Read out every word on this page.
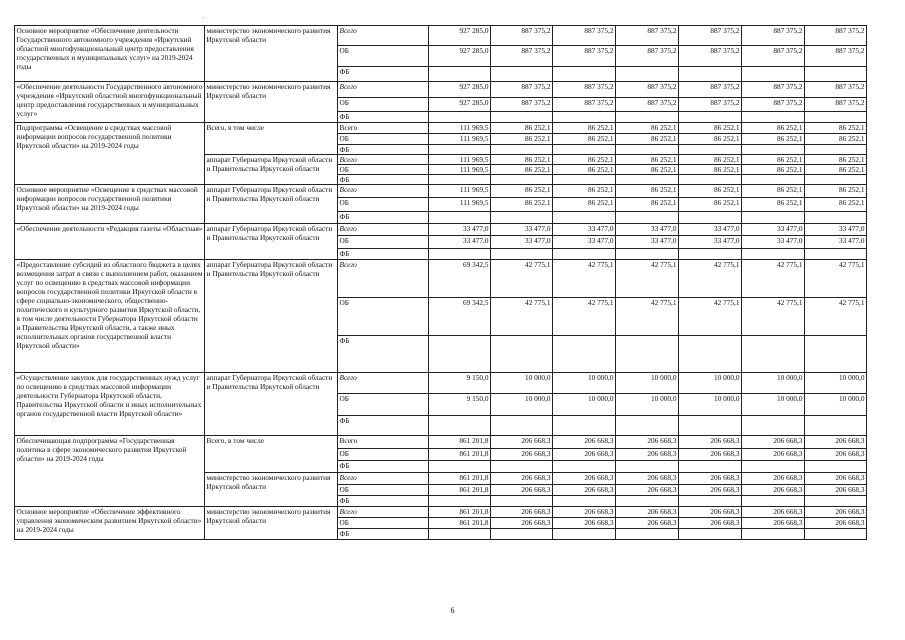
'
Основное мероприятие «Обеспечение деятельности Государственного автономного учреждения «Иркутский областной многофункциональный центр предоставления государственных и муниципальных услуг» на 2019-2024 годы	министерство экономического развития Иркутской области	Всего	927 285,0	887 375,2	887 375,2	887 375,2	887 375,2	887 375,2	887 375,2
		ОБ	927 285,0	887 375,2	887 375,2	887 375,2	887 375,2	887 375,2	887 375,2
		ФБ							
«Обеспечение деятельности Государственного автономного учреждения «Иркутский областной многофункциональный центр предоставления государственных и муниципальных услуг»	министерство экономического развития Иркутской области	Всего	927 285,0	887 375,2	887 375,2	887 375,2	887 375,2	887 375,2	887 375,2
		ОБ	927 285,0	887 375,2	887 375,2	887 375,2	887 375,2	887 375,2	887 375,2
		ФБ							
Подпрограмма «Освещение в средствах массовой информации вопросов государственной политики Иркутской области» на 2019-2024 годы	Всего, в том числе	Всего	111 969,5	86 252,1	86 252,1	86 252,1	86 252,1	86 252,1	86 252,1
		ОБ	111 969,5	86 252,1	86 252,1	86 252,1	86 252,1	86 252,1	86 252,1
		ФБ							
	аппарат Губернатора Иркутской области и Правительства Иркутской области	Всего	111 969,5	86 252,1	86 252,1	86 252,1	86 252,1	86 252,1	86 252,1
		ОБ	111 969,5	86 252,1	86 252,1	86 252,1	86 252,1	86 252,1	86 252,1
		ФБ							
Основное мероприятие «Освещение в средствах массовой информации вопросов государственной политики Иркутской области» на 2019-2024 годы	аппарат Губернатора Иркутской области и Правительства Иркутской области	Всего	111 969,5	86 252,1	86 252,1	86 252,1	86 252,1	86 252,1	86 252,1
		ОБ	111 969,5	86 252,1	86 252,1	86 252,1	86 252,1	86 252,1	86 252,1
		ФБ							
«Обеспечение деятельности «Редакция газеты «Областная»	аппарат Губернатора Иркутской области и Правительства Иркутской области	Всего	33 477,0	33 477,0	33 477,0	33 477,0	33 477,0	33 477,0	33 477,0
		ОБ	33 477,0	33 477,0	33 477,0	33 477,0	33 477,0	33 477,0	33 477,0
		ФБ							
«Предоставление субсидий из областного бюджета в целях возмещения затрат в связи с выполнением работ, оказанием услуг по освещению в средствах массовой информации вопросов государственной политики Иркутской области в сфере социально-экономического, общественно-политического и культурного развития Иркутской области, в том числе деятельности Губернатора Иркутской области и Правительства Иркутской области, а также иных исполнительных органов государственной власти Иркутской области»	аппарат Губернатора Иркутской области и Правительства Иркутской области	Всего	69 342,5	42 775,1	42 775,1	42 775,1	42 775,1	42 775,1	42 775,1
		ОБ	69 342,5	42 775,1	42 775,1	42 775,1	42 775,1	42 775,1	42 775,1
		ФБ							
«Осуществление закупок для государственных нужд услуг по освещению в средствах массовой информации деятельности Губернатора Иркутской области, Правительства Иркутской области и иных исполнительных органов государственной власти Иркутской области»	аппарат Губернатора Иркутской области и Правительства Иркутской области	Всего	9 150,0	10 000,0	10 000,0	10 000,0	10 000,0	10 000,0	10 000,0
		ОБ	9 150,0	10 000,0	10 000,0	10 000,0	10 000,0	10 000,0	10 000,0
		ФБ							
Обеспечивающая подпрограмма «Государственная политика в сфере экономического развития Иркутской области» на 2019-2024 годы	Всего, в том числе	Всего	861 201,8	206 668,3	206 668,3	206 668,3	206 668,3	206 668,3	206 668,3
		ОБ	861 201,8	206 668,3	206 668,3	206 668,3	206 668,3	206 668,3	206 668,3
		ФБ							
	министерство экономического развития Иркутской области	Всего	861 201,8	206 668,3	206 668,3	206 668,3	206 668,3	206 668,3	206 668,3
		ОБ	861 201,8	206 668,3	206 668,3	206 668,3	206 668,3	206 668,3	206 668,3
		ФБ							
Основное мероприятие «Обеспечение эффективного управления экономическим развитием Иркутской области» на 2019-2024 годы	министерство экономического развития Иркутской области	Всего	861 201,8	206 668,3	206 668,3	206 668,3	206 668,3	206 668,3	206 668,3
		ОБ	861 201,8	206 668,3	206 668,3	206 668,3	206 668,3	206 668,3	206 668,3
		ФБ							
6
